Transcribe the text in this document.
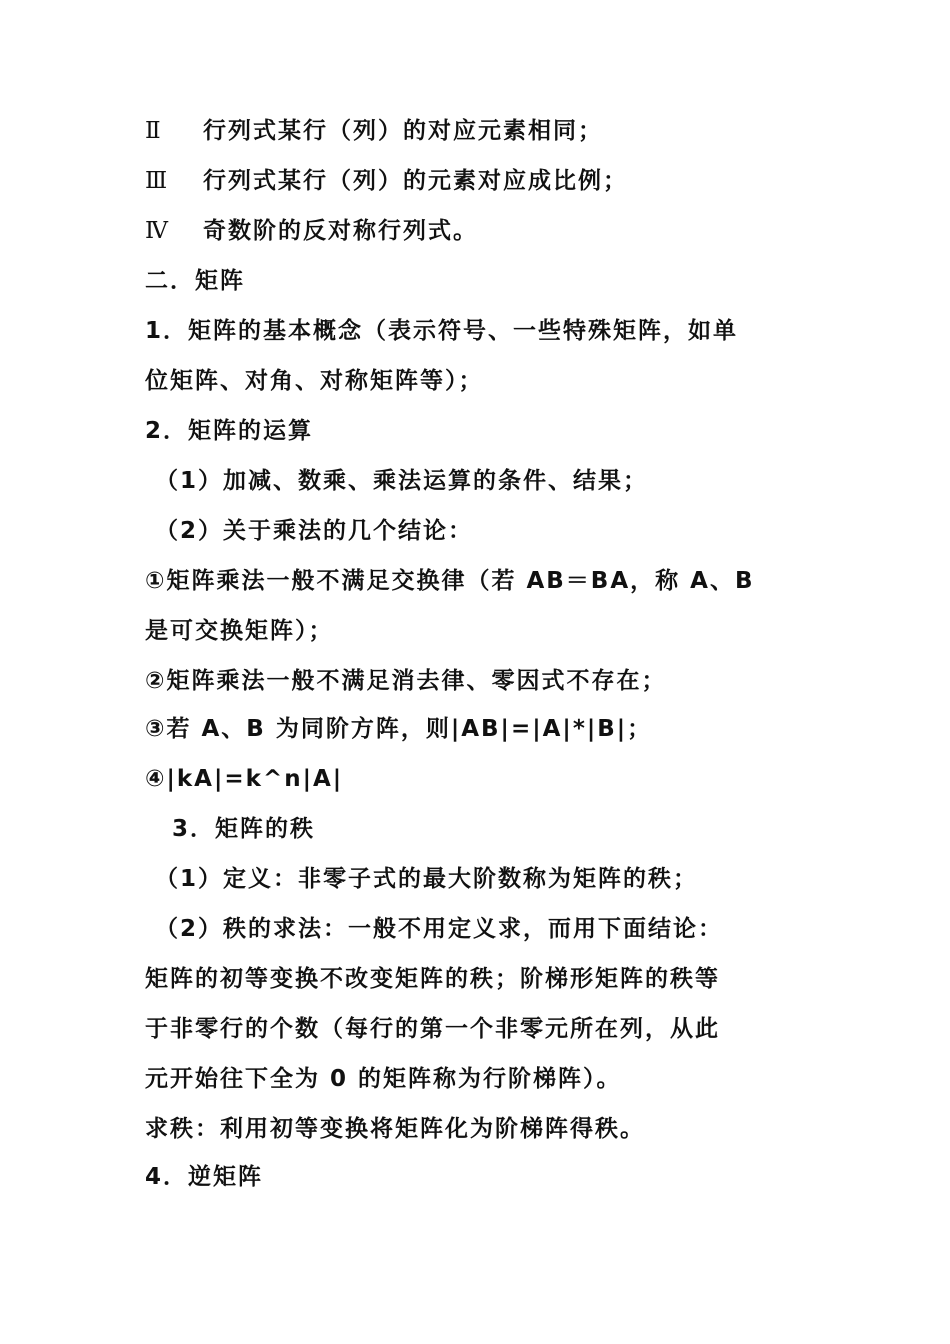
Ⅱ 行列式某行（列）的对应元素相同；
Ⅲ 行列式某行（列）的元素对应成比例；
Ⅳ 奇数阶的反对称行列式。
二．矩阵
1．矩阵的基本概念（表示符号、一些特殊矩阵，如单
位矩阵、对角、对称矩阵等）；
2．矩阵的运算
（1）加减、数乘、乘法运算的条件、结果；
（2）关于乘法的几个结论：
①矩阵乘法一般不满足交换律（若 AB＝BA，称 A、B
是可交换矩阵）；
②矩阵乘法一般不满足消去律、零因式不存在；
③若 A、B 为同阶方阵，则|AB|=|A|*|B|；
④|kA|=k^n|A|
3．矩阵的秩
（1）定义：非零子式的最大阶数称为矩阵的秩；
（2）秩的求法：一般不用定义求，而用下面结论：
矩阵的初等变换不改变矩阵的秩；阶梯形矩阵的秩等
于非零行的个数（每行的第一个非零元所在列，从此
元开始往下全为 0 的矩阵称为行阶梯阵）。
求秩：利用初等变换将矩阵化为阶梯阵得秩。
4．逆矩阵
